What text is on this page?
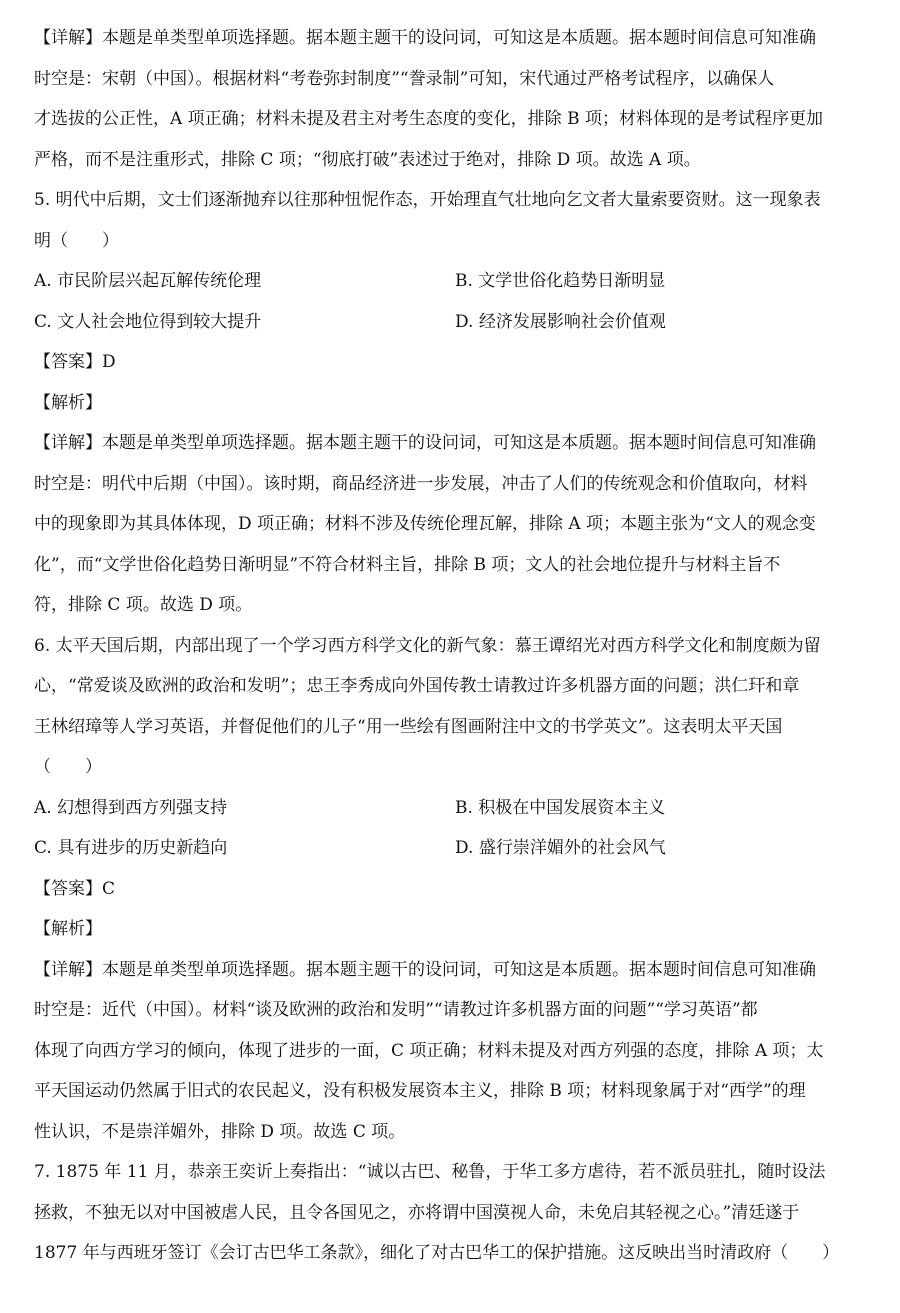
【详解】本题是单类型单项选择题。据本题主题干的设问词，可知这是本质题。据本题时间信息可知准确
时空是：宋朝（中国）。根据材料“考卷弥封制度”“誊录制”可知，宋代通过严格考试程序，以确保人
才选拔的公正性，A 项正确；材料未提及君主对考生态度的变化，排除 B 项；材料体现的是考试程序更加
严格，而不是注重形式，排除 C 项；“彻底打破”表述过于绝对，排除 D 项。故选 A 项。
5. 明代中后期，文士们逐渐抛弃以往那种忸怩作态，开始理直气壮地向乞文者大量索要资财。这一现象表
明（　　）
A. 市民阶层兴起瓦解传统伦理	B. 文学世俗化趋势日渐明显
C. 文人社会地位得到较大提升	D. 经济发展影响社会价值观
【答案】D
【解析】
【详解】本题是单类型单项选择题。据本题主题干的设问词，可知这是本质题。据本题时间信息可知准确
时空是：明代中后期（中国）。该时期，商品经济进一步发展，冲击了人们的传统观念和价值取向，材料
中的现象即为其具体体现，D 项正确；材料不涉及传统伦理瓦解，排除 A 项；本题主张为“文人的观念变
化”，而“文学世俗化趋势日渐明显”不符合材料主旨，排除 B 项；文人的社会地位提升与材料主旨不
符，排除 C 项。故选 D 项。
6. 太平天国后期，内部出现了一个学习西方科学文化的新气象：慕王谭绍光对西方科学文化和制度颇为留
心，“常爱谈及欧洲的政治和发明”；忠王李秀成向外国传教士请教过许多机器方面的问题；洪仁玕和章
王林绍璋等人学习英语，并督促他们的儿子“用一些绘有图画附注中文的书学英文”。这表明太平天国
（　　）
A. 幻想得到西方列强支持	B. 积极在中国发展资本主义
C. 具有进步的历史新趋向	D. 盛行崇洋媚外的社会风气
【答案】C
【解析】
【详解】本题是单类型单项选择题。据本题主题干的设问词，可知这是本质题。据本题时间信息可知准确
时空是：近代（中国）。材料“谈及欧洲的政治和发明”“请教过许多机器方面的问题”“学习英语”都
体现了向西方学习的倾向，体现了进步的一面，C 项正确；材料未提及对西方列强的态度，排除 A 项；太
平天国运动仍然属于旧式的农民起义，没有积极发展资本主义，排除 B 项；材料现象属于对“西学”的理
性认识，不是崇洋媚外，排除 D 项。故选 C 项。
7. 1875 年 11 月，恭亲王奕䜣上奏指出：“诚以古巴、秘鲁，于华工多方虐待，若不派员驻扎，随时设法
拯救，不独无以对中国被虐人民，且令各国见之，亦将谓中国漠视人命，未免启其轻视之心。”清廷遂于
1877 年与西班牙签订《会订古巴华工条款》，细化了对古巴华工的保护措施。这反映出当时清政府（　　）
